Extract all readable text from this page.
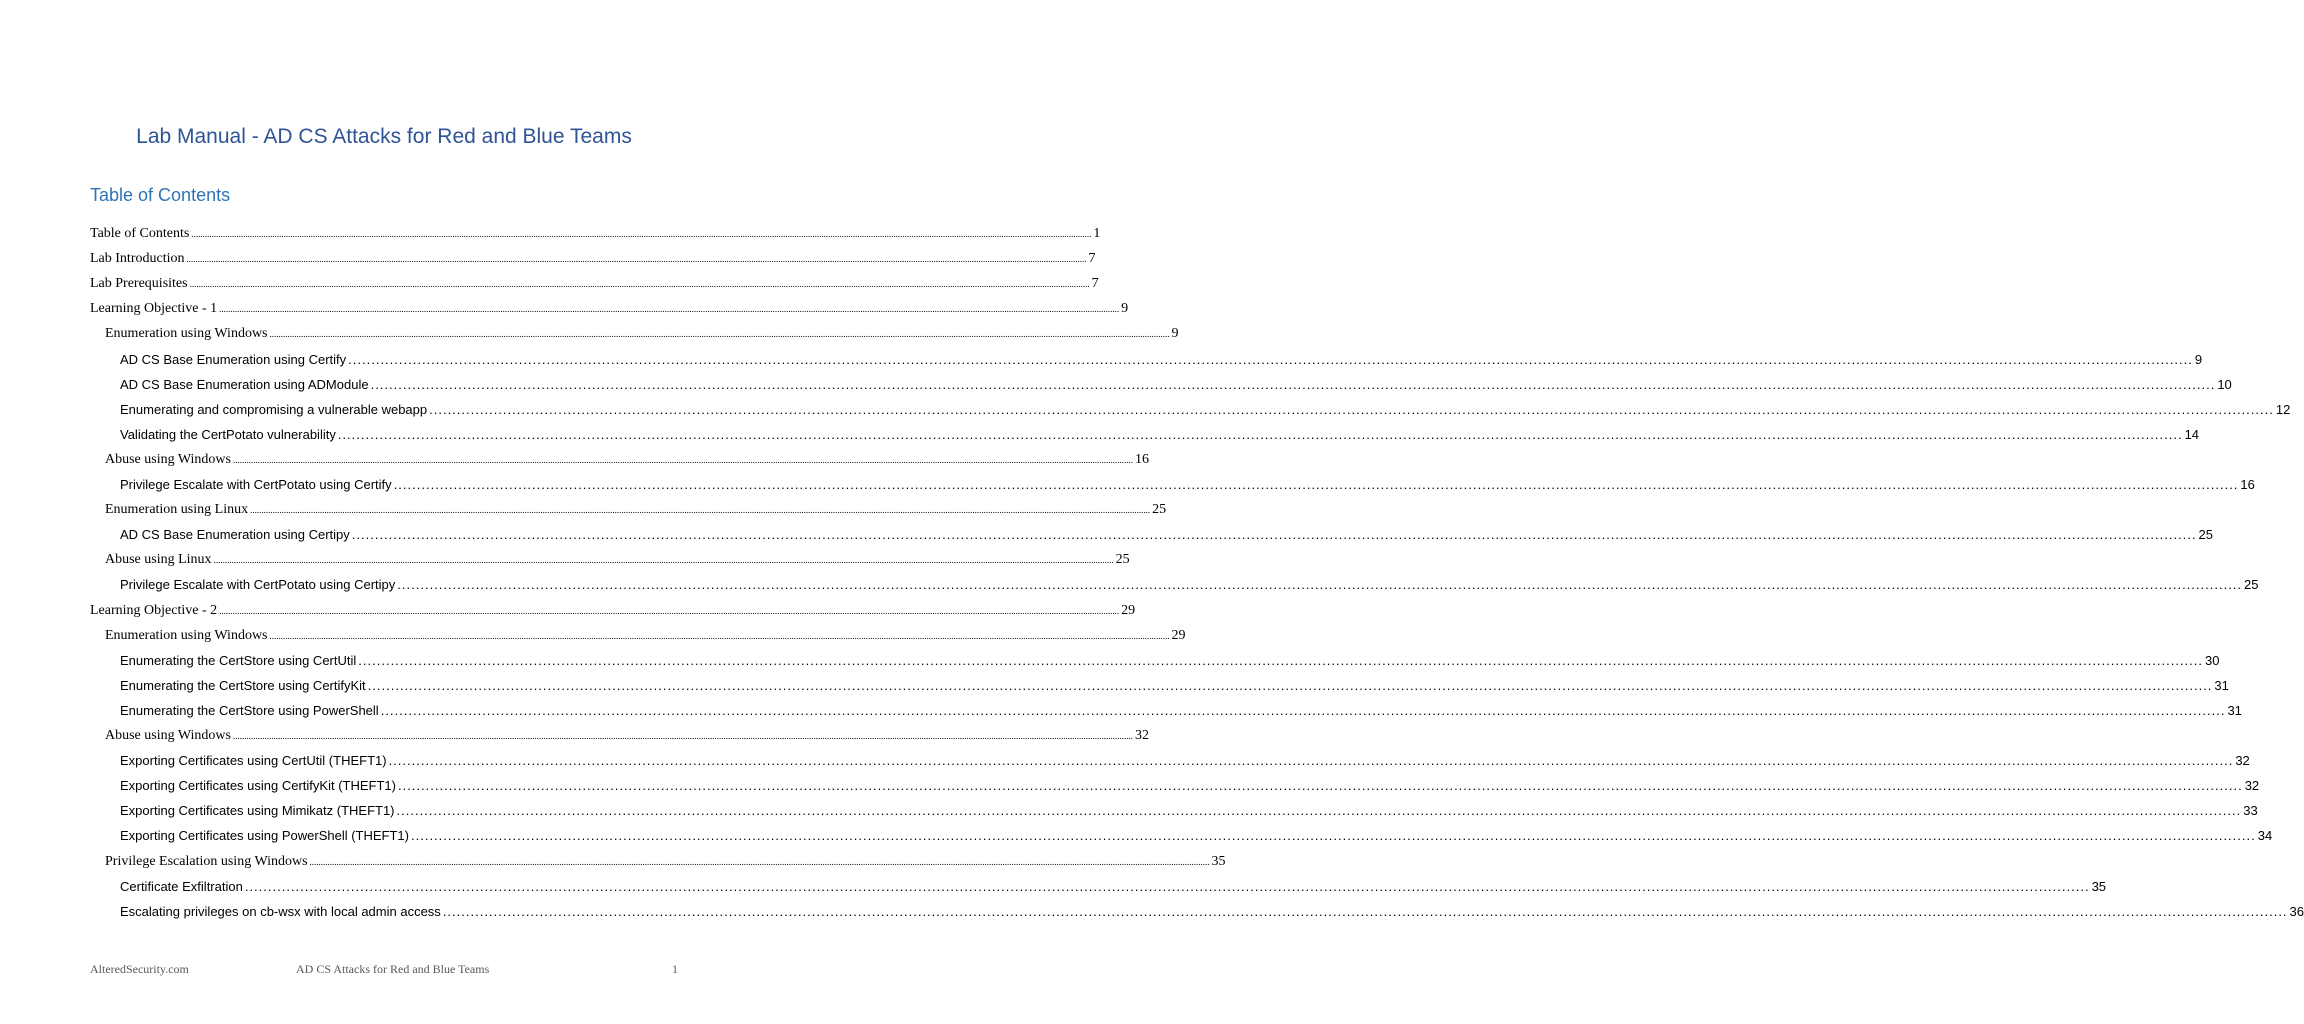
Lab Manual - AD CS Attacks for Red and Blue Teams
Table of Contents
Table of Contents ................................................................................................................................................................................................................................................................................................................................................................................................................ 1
Lab Introduction ................................................................................................................................................................................................................................................................................................................................................................................................................ 7
Lab Prerequisites ................................................................................................................................................................................................................................................................................................................................................................................................................ 7
Learning Objective - 1 ................................................................................................................................................................................................................................................................................................................................................................................................................ 9
Enumeration using Windows ................................................................................................................................................................................................................................................................................................................................................................................................................ 9
AD CS Base Enumeration using Certify ................................................................................................................................................................................................................................................................................................................................................................................................................ 9
AD CS Base Enumeration using ADModule ................................................................................................................................................................................................................................................................................................................................................................................................................ 10
Enumerating and compromising a vulnerable webapp ................................................................................................................................................................................................................................................................................................................................................................................................................ 12
Validating the CertPotato vulnerability ................................................................................................................................................................................................................................................................................................................................................................................................................ 14
Abuse using Windows ................................................................................................................................................................................................................................................................................................................................................................................................................ 16
Privilege Escalate with CertPotato using Certify ................................................................................................................................................................................................................................................................................................................................................................................................................ 16
Enumeration using Linux ................................................................................................................................................................................................................................................................................................................................................................................................................ 25
AD CS Base Enumeration using Certipy ................................................................................................................................................................................................................................................................................................................................................................................................................ 25
Abuse using Linux ................................................................................................................................................................................................................................................................................................................................................................................................................ 25
Privilege Escalate with CertPotato using Certipy ................................................................................................................................................................................................................................................................................................................................................................................................................ 25
Learning Objective - 2 ................................................................................................................................................................................................................................................................................................................................................................................................................ 29
Enumeration using Windows ................................................................................................................................................................................................................................................................................................................................................................................................................ 29
Enumerating the CertStore using CertUtil ................................................................................................................................................................................................................................................................................................................................................................................................................ 30
Enumerating the CertStore using CertifyKit ................................................................................................................................................................................................................................................................................................................................................................................................................ 31
Enumerating the CertStore using PowerShell ................................................................................................................................................................................................................................................................................................................................................................................................................ 31
Abuse using Windows ................................................................................................................................................................................................................................................................................................................................................................................................................ 32
Exporting Certificates using CertUtil (THEFT1) ................................................................................................................................................................................................................................................................................................................................................................................................................ 32
Exporting Certificates using CertifyKit (THEFT1) ................................................................................................................................................................................................................................................................................................................................................................................................................ 32
Exporting Certificates using Mimikatz (THEFT1) ................................................................................................................................................................................................................................................................................................................................................................................................................ 33
Exporting Certificates using PowerShell (THEFT1) ................................................................................................................................................................................................................................................................................................................................................................................................................ 34
Privilege Escalation using Windows ................................................................................................................................................................................................................................................................................................................................................................................................................ 35
Certificate Exfiltration ................................................................................................................................................................................................................................................................................................................................................................................................................ 35
Escalating privileges on cb-wsx with local admin access ................................................................................................................................................................................................................................................................................................................................................................................................................ 36
AlteredSecurity.com	AD CS Attacks for Red and Blue Teams	1
